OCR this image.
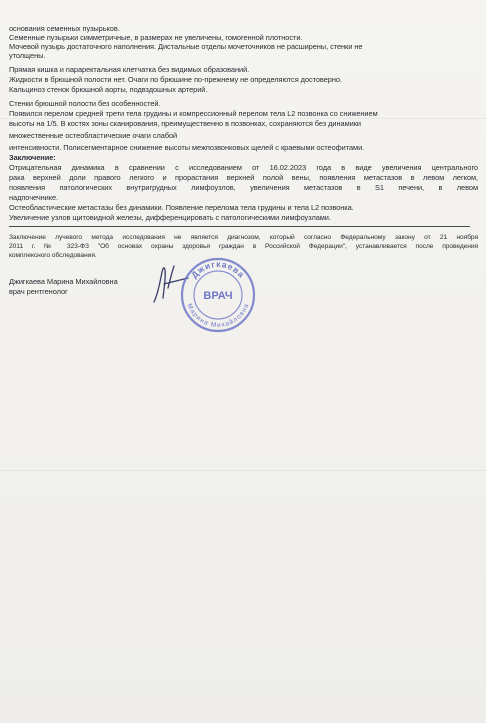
основания семенных пузырьков.
Семенные пузырьки симметричные, в размерах не увеличены, гомогенной плотности.
Мочевой пузырь достаточного наполнения. Дистальные отделы мочеточников не расширены, стенки не
утолщены.
Прямая кишка и параректальная клетчатка без видимых образований.
Жидкости в брюшной полости нет. Очаги по брюшине по-прежнему не определяются достоверно.
Кальциноз стенок брюшной аорты, подвздошных артерий.
Стенки брюшной полости без особенностей.
Появился перелом средней трети тела грудины и компрессионный перелом тела L2 позвонка со снижением
высоты на 1/5. В костях зоны сканирования, преимущественно в позвонках, сохраняются без динамики
множественные остеобластические очаги слабой
интенсивности. Полисегментарное снижение высоты межпозвонковых щелей с краевыми остеофитами.
Заключение:
Отрицательная динамика в сравнении с исследованием от 16.02.2023 года в виде увеличения центрального
рака верхней доли правого легкого и прорастания верхней полой вены, появления метастазов в левом легком,
появления патологических внутригрудных лимфоузлов, увеличения метастазов в S1 печени, в левом
надпочечнике.
Остеобластические метастазы без динамики. Появление перелома тела грудины и тела L2 позвонка.
Увеличение узлов щитовидной железы, дифференцировать с патологическими лимфоузлами.
Заключение лучевого метода исследования не является диагнозом, который согласно Федеральному закону от 21 ноября
2011 г. № 323-ФЗ "Об основах охраны здоровья граждан в Российской Федерации", устанавливается после проведения
комплексного обследования.
Джигкаева Марина Михайловна
врач рентгенолог
Джигкаева
Марина Михайловна
ВРАЧ
